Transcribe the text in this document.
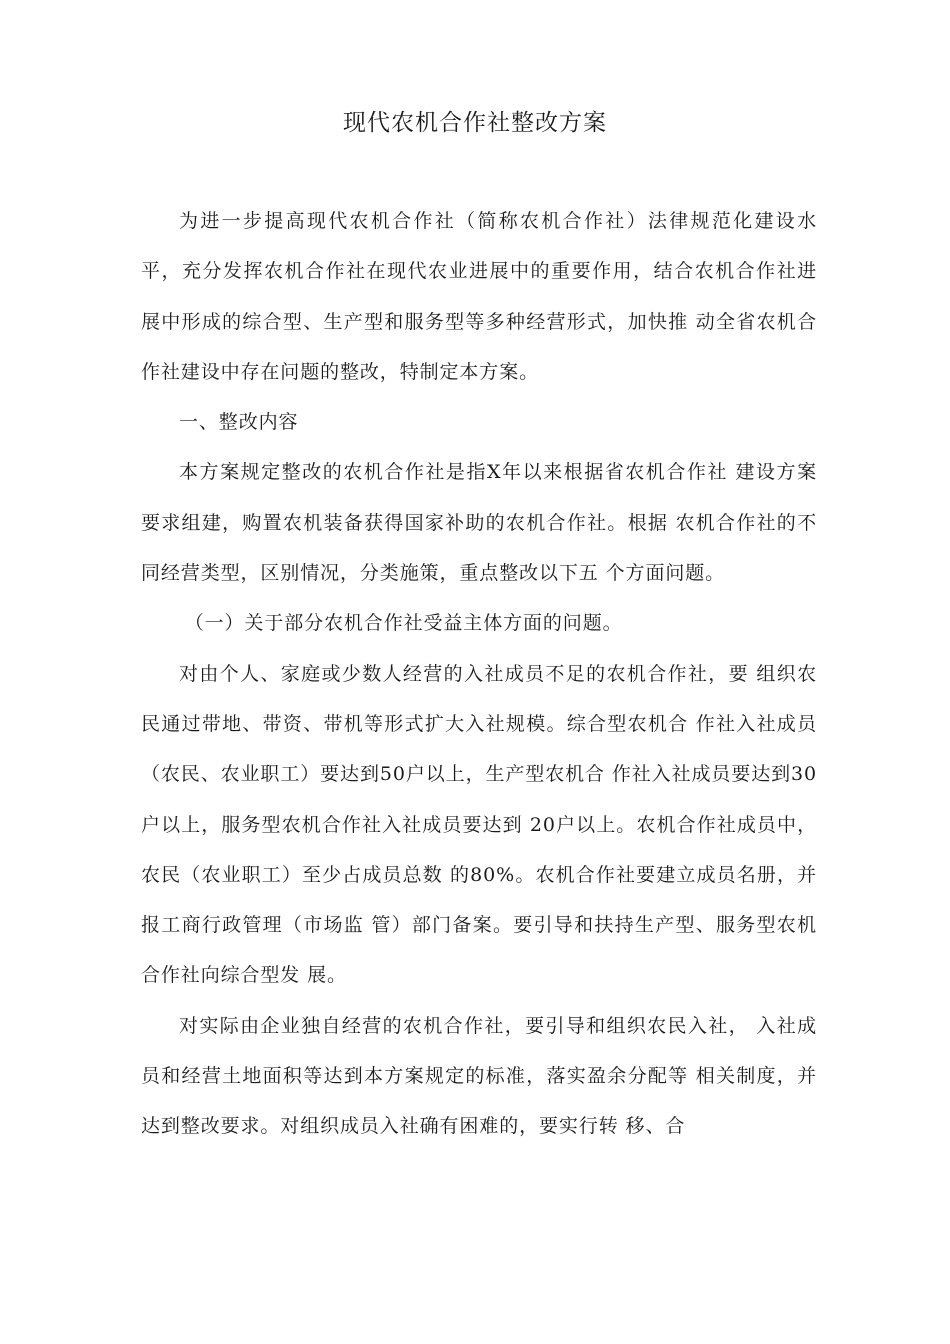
现代农机合作社整改方案

为进一步提高现代农机合作社（简称农机合作社）法律规范化建设水 平，充分发挥农机合作社在现代农业进展中的重要作用，结合农机合作社进展中形成的综合型、生产型和服务型等多种经营形式，加快推 动全省农机合作社建设中存在问题的整改，特制定本方案。

一、整改内容

本方案规定整改的农机合作社是指X年以来根据省农机合作社 建设方案要求组建，购置农机装备获得国家补助的农机合作社。根据 农机合作社的不同经营类型，区别情况，分类施策，重点整改以下五 个方面问题。

（一）关于部分农机合作社受益主体方面的问题。

对由个人、家庭或少数人经营的入社成员不足的农机合作社，要 组织农民通过带地、带资、带机等形式扩大入社规模。综合型农机合 作社入社成员（农民、农业职工）要达到50户以上，生产型农机合 作社入社成员要达到30户以上，服务型农机合作社入社成员要达到 20户以上。农机合作社成员中，农民（农业职工）至少占成员总数 的80%。农机合作社要建立成员名册，并报工商行政管理（市场监 管）部门备案。要引导和扶持生产型、服务型农机合作社向综合型发 展。

对实际由企业独自经营的农机合作社，要引导和组织农民入社， 入社成员和经营土地面积等达到本方案规定的标准，落实盈余分配等 相关制度，并达到整改要求。对组织成员入社确有困难的，要实行转 移、合
